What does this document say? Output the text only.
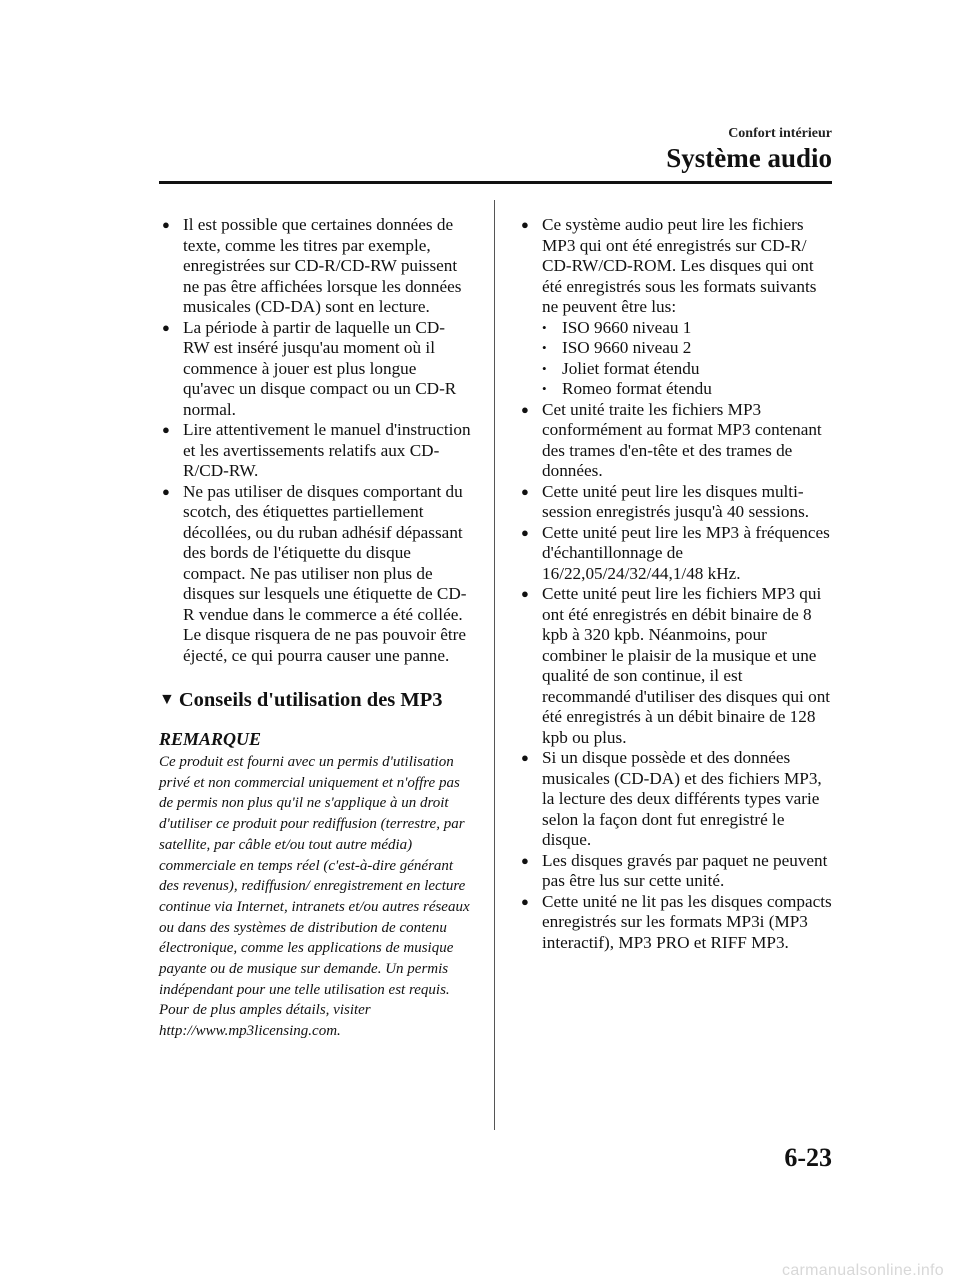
Confort intérieur
Système audio
● Il est possible que certaines données de texte, comme les titres par exemple, enregistrées sur CD-R/CD-RW puissent ne pas être affichées lorsque les données musicales (CD-DA) sont en lecture.
● La période à partir de laquelle un CD-RW est inséré jusqu'au moment où il commence à jouer est plus longue qu'avec un disque compact ou un CD-R normal.
● Lire attentivement le manuel d'instruction et les avertissements relatifs aux CD-R/CD-RW.
● Ne pas utiliser de disques comportant du scotch, des étiquettes partiellement décollées, ou du ruban adhésif dépassant des bords de l'étiquette du disque compact. Ne pas utiliser non plus de disques sur lesquels une étiquette de CD-R vendue dans le commerce a été collée. Le disque risquera de ne pas pouvoir être éjecté, ce qui pourra causer une panne.
▼ Conseils d'utilisation des MP3
REMARQUE
Ce produit est fourni avec un permis d'utilisation privé et non commercial uniquement et n'offre pas de permis non plus qu'il ne s'applique à un droit d'utiliser ce produit pour rediffusion (terrestre, par satellite, par câble et/ou tout autre média) commerciale en temps réel (c'est-à-dire générant des revenus), rediffusion/ enregistrement en lecture continue via Internet, intranets et/ou autres réseaux ou dans des systèmes de distribution de contenu électronique, comme les applications de musique payante ou de musique sur demande. Un permis indépendant pour une telle utilisation est requis. Pour de plus amples détails, visiter http://www.mp3licensing.com.
● Ce système audio peut lire les fichiers MP3 qui ont été enregistrés sur CD-R/ CD-RW/CD-ROM. Les disques qui ont été enregistrés sous les formats suivants ne peuvent être lus:
• ISO 9660 niveau 1
• ISO 9660 niveau 2
• Joliet format étendu
• Romeo format étendu
● Cet unité traite les fichiers MP3 conformément au format MP3 contenant des trames d'en-tête et des trames de données.
● Cette unité peut lire les disques multi-session enregistrés jusqu'à 40 sessions.
● Cette unité peut lire les MP3 à fréquences d'échantillonnage de 16/22,05/24/32/44,1/48 kHz.
● Cette unité peut lire les fichiers MP3 qui ont été enregistrés en débit binaire de 8 kpb à 320 kpb. Néanmoins, pour combiner le plaisir de la musique et une qualité de son continue, il est recommandé d'utiliser des disques qui ont été enregistrés à un débit binaire de 128 kpb ou plus.
● Si un disque possède et des données musicales (CD-DA) et des fichiers MP3, la lecture des deux différents types varie selon la façon dont fut enregistré le disque.
● Les disques gravés par paquet ne peuvent pas être lus sur cette unité.
● Cette unité ne lit pas les disques compacts enregistrés sur les formats MP3i (MP3 interactif), MP3 PRO et RIFF MP3.
6-23
carmanualsonline.info
